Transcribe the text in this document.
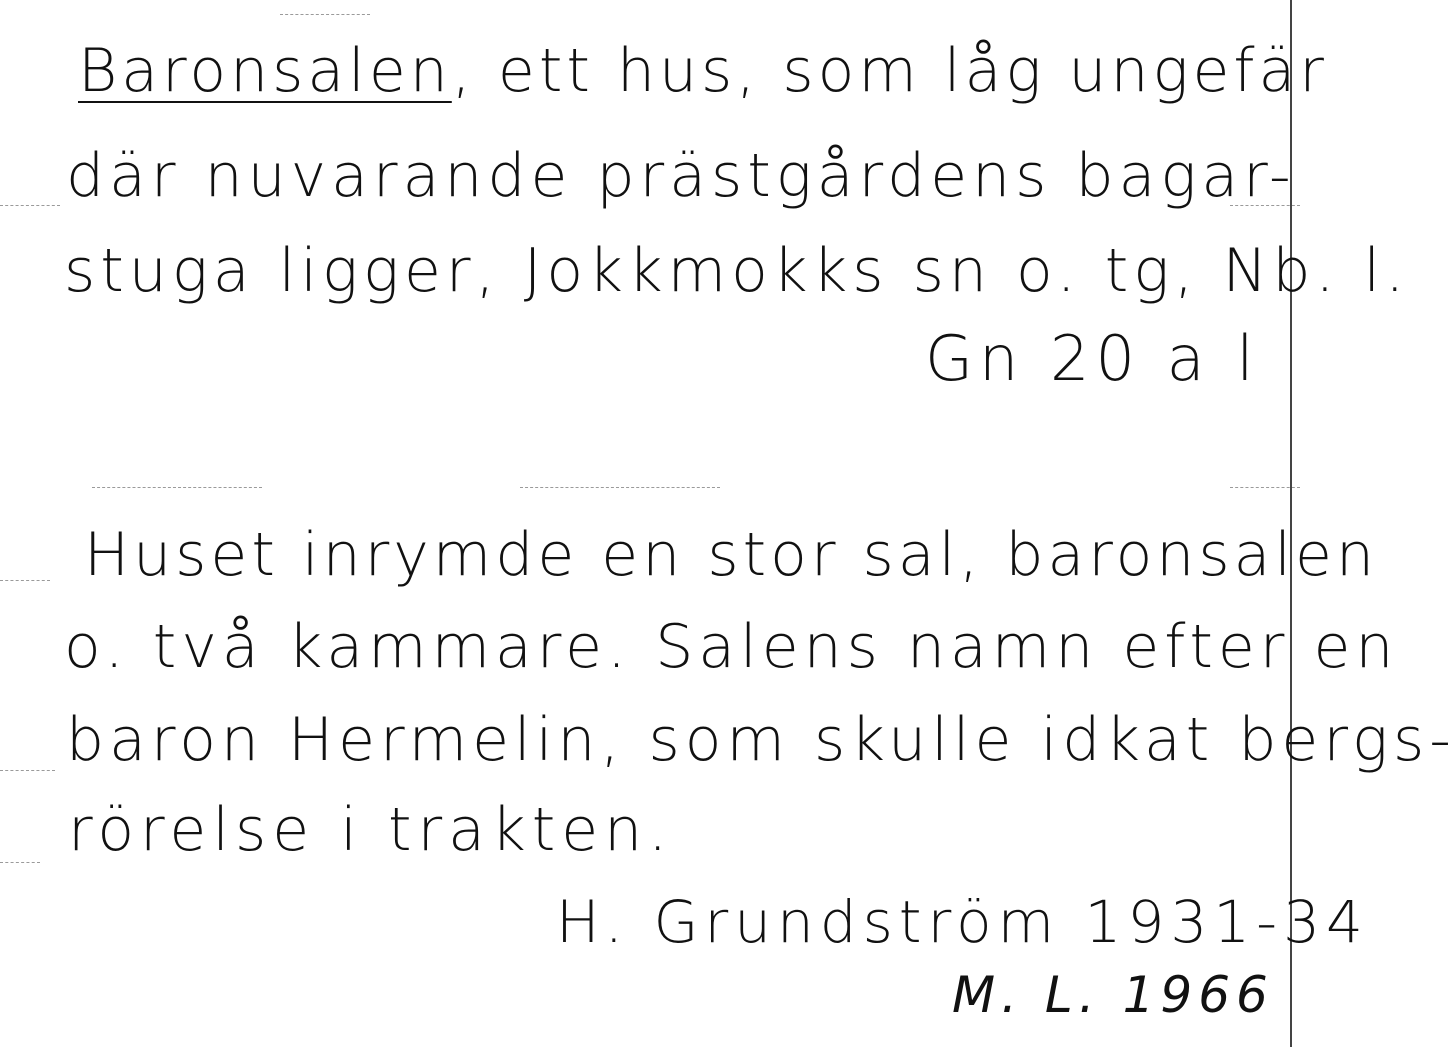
Baronsalen, ett hus, som låg ungefär
där nuvarande prästgårdens bagar-
stuga ligger, Jokkmokks sn o. tg, Nb. l.
Gn 20 a l
Huset inrymde en stor sal, baronsalen
o. två kammare. Salens namn efter en
baron Hermelin, som skulle idkat bergs-
rörelse i trakten.
H. Grundström 1931-34
M. L. 1966
